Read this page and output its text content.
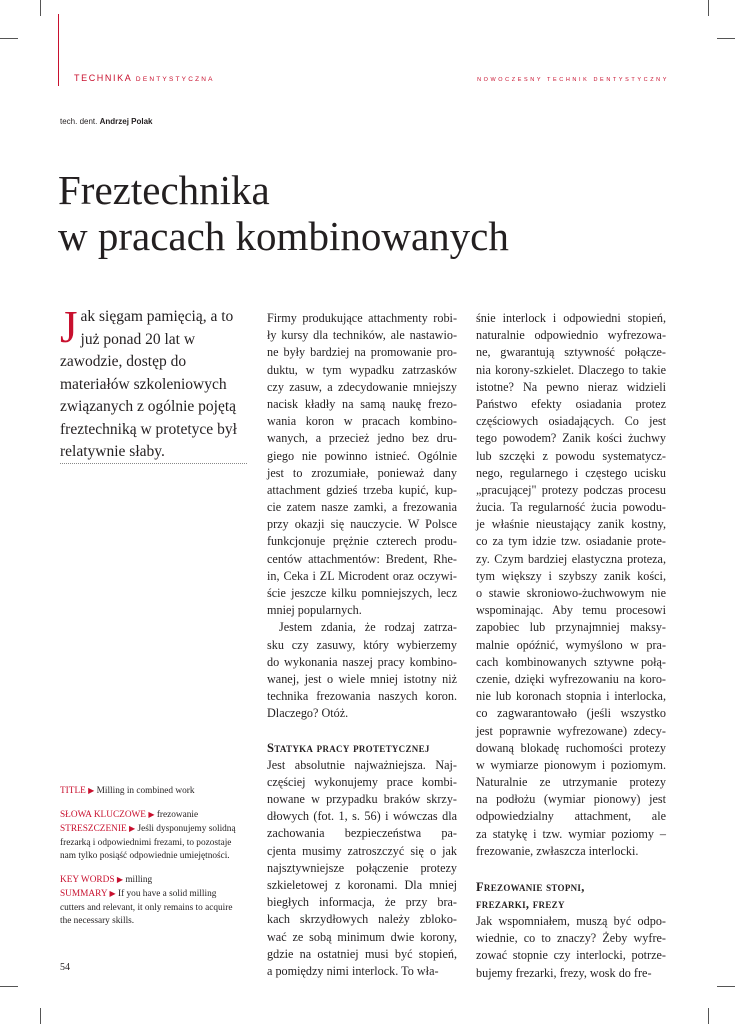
TECHNIKA DENTYSTYCZNA	NOWOCZESNY TECHNIK DENTYSTYCZNY
tech. dent. Andrzej Polak
Freztechnika
w pracach kombinowanych
Jak sięgam pamięcią, a to już ponad 20 lat w zawodzie, dostęp do materiałów szkoleniowych związanych z ogólnie pojętą freztechniką w protetyce był relatywnie słaby.
Firmy produkujące attachmenty robi-
ły kursy dla techników, ale nastawio-
ne były bardziej na promowanie pro-
duktu, w tym wypadku zatrzasków
czy zasuw, a zdecydowanie mniejszy
nacisk kładły na samą naukę frezo-
wania koron w pracach kombino-
wanych, a przecież jedno bez dru-
giego nie powinno istnieć. Ogólnie
jest to zrozumiałe, ponieważ dany
attachment gdzieś trzeba kupić, kup-
cie zatem nasze zamki, a frezowania
przy okazji się nauczycie. W Polsce
funkcjonuje prężnie czterech produ-
centów attachmentów: Bredent, Rhe-
in, Ceka i ZL Microdent oraz oczywi-
ście jeszcze kilku pomniejszych, lecz
mniej popularnych.
Jestem zdania, że rodzaj zatrza-
sku czy zasuwy, który wybierzemy
do wykonania naszej pracy kombino-
wanej, jest o wiele mniej istotny niż
technika frezowania naszych koron.
Dlaczego? Otóż.
Statyka pracy protetycznej
Jest absolutnie najważniejsza. Naj-
częściej wykonujemy prace kombi-
nowane w przypadku braków skrzy-
dłowych (fot. 1, s. 56) i wówczas dla
zachowania bezpieczeństwa pa-
cjenta musimy zatroszczyć się o jak
najsztywniejsze połączenie protezy
szkieletowej z koronami. Dla mniej
biegłych informacja, że przy bra-
kach skrzydłowych należy zbloko-
wać ze sobą minimum dwie korony,
gdzie na ostatniej musi być stopień,
a pomiędzy nimi interlock. To wła-
śnie interlock i odpowiedni stopień,
naturalnie odpowiednio wyfrezowa-
ne, gwarantują sztywność połącze-
nia korony-szkielet. Dlaczego to takie
istotne? Na pewno nieraz widzieli
Państwo efekty osiadania protez
częściowych osiadających. Co jest
tego powodem? Zanik kości żuchwy
lub szczęki z powodu systematycz-
nego, regularnego i częstego ucisku
„pracującej" protezy podczas procesu
żucia. Ta regularność żucia powodu-
je właśnie nieustający zanik kostny,
co za tym idzie tzw. osiadanie prote-
zy. Czym bardziej elastyczna proteza,
tym większy i szybszy zanik kości,
o stawie skroniowo-żuchwowym nie
wspominając. Aby temu procesowi
zapobiec lub przynajmniej maksy-
malnie opóźnić, wymyślono w pra-
cach kombinowanych sztywne połą-
czenie, dzięki wyfrezowaniu na koro-
nie lub koronach stopnia i interlocka,
co zagwarantowało (jeśli wszystko
jest poprawnie wyfrezowane) zdecy-
dowaną blokadę ruchomości protezy
w wymiarze pionowym i poziomym.
Naturalnie ze utrzymanie protezy
na podłożu (wymiar pionowy) jest
odpowiedzialny attachment, ale
za statykę i tzw. wymiar poziomy –
frezowanie, zwłaszcza interlocki.
Frezowanie stopni,
frezarki, frezy
Jak wspomniałem, muszą być odpo-
wiednie, co to znaczy? Żeby wyfre-
zować stopnie czy interlocki, potrze-
bujemy frezarki, frezy, wosk do fre-
TITLE ▶ Milling in combined work
SŁOWA KLUCZOWE ▶ frezowanie
STRESZCZENIE ▶ Jeśli dysponujemy solidną frezarką i odpowiednimi frezami, to pozostaje nam tylko posiąść odpowiednie umiejętności.
KEY WORDS ▶ milling
SUMMARY ▶ If you have a solid milling cutters and relevant, it only remains to acquire the necessary skills.
54
